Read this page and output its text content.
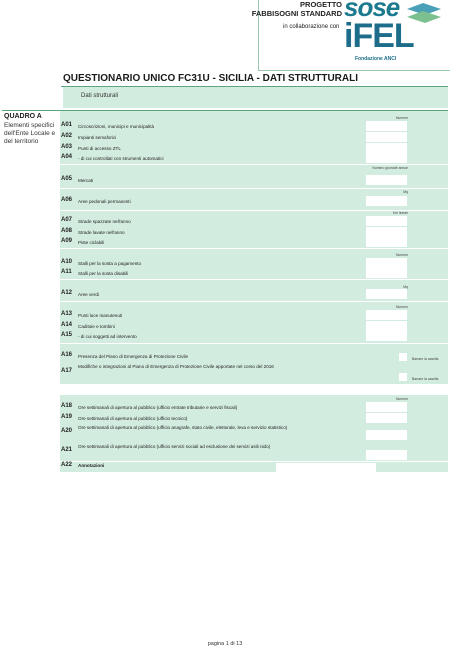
PROGETTO
FABBISOGNI STANDARD
in collaborazione con
sose
iFEL
Fondazione ANCI
QUESTIONARIO UNICO FC31U - SICILIA - DATI STRUTTURALI
Dati strutturali
QUADRO A
Elementi specifici dell'Ente Locale e del territorio
Numero
Numero giornate annue
Mq
Km lineari
Numero
Mq
Numero
Barrare la casella
Barrare la casella
Numero
A01 Circoscrizioni, municipi e municipalità
A02 Impianti semaforici
A03 Punti di accesso ZTL
A04 - di cui controllati con strumenti automatici
A05 Mercati
A06 Aree pedonali permanenti
A07 Strade spazzate nell'anno
A08 Strade lavate nell'anno
A09 Piste ciclabili
A10 Stalli per la sosta a pagamento
A11 Stalli per la sosta disabili
A12 Aree verdi
A13 Punti luce manutenuti
A14 Caditoie e tombini
A15 - di cui soggetti ad intervento
A16 Presenza del Piano di Emergenza di Protezione Civile
A17
Modifiche o integrazioni al Piano di Emergenza di Protezione Civile apportate nel corso del 2016
A18 Ore settimanali di apertura al pubblico (ufficio entrate tributarie e servizi fiscali)
A19 Ore settimanali di apertura al pubblico (ufficio tecnico)
A20
Ore settimanali di apertura al pubblico (ufficio anagrafe, stato civile, elettorale, leva e servizio statistico)
A21
Ore settimanali di apertura al pubblico (ufficio servizi sociali ad esclusione dei servizi asili nido)
A22 Annotazioni
pagina 1 di 13
